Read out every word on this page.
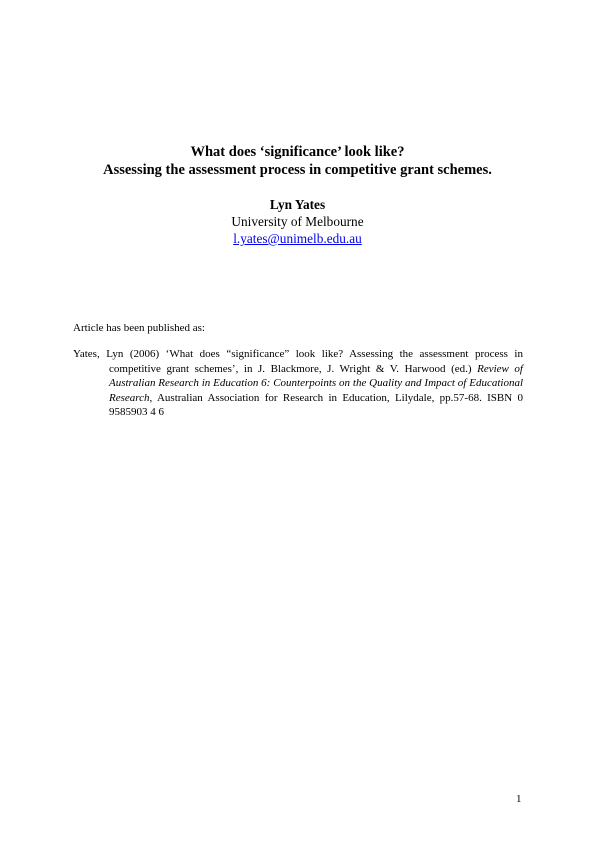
What does ‘significance’ look like?
Assessing the assessment process in competitive grant schemes.
Lyn Yates
University of Melbourne
l.yates@unimelb.edu.au
Article has been published as:
Yates, Lyn (2006) ‘What does “significance” look like? Assessing the assessment process in competitive grant schemes’, in J. Blackmore, J. Wright & V. Harwood (ed.) Review of Australian Research in Education 6: Counterpoints on the Quality and Impact of Educational Research, Australian Association for Research in Education, Lilydale, pp.57-68. ISBN 0 9585903 4 6
1
